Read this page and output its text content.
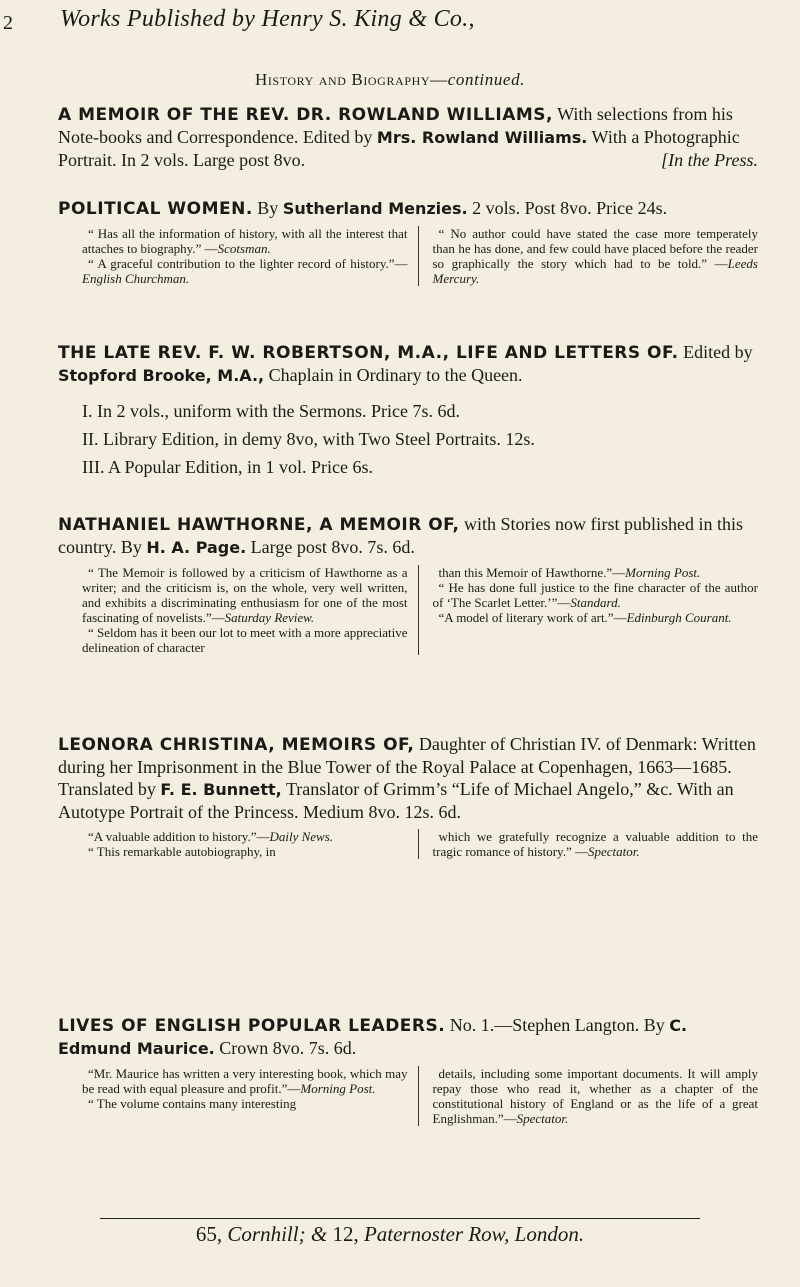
2 Works Published by Henry S. King & Co.,
History and Biography—continued.

A MEMOIR OF THE REV. DR. ROWLAND WILLIAMS, With selections from his Note-books and Correspondence. Edited by Mrs. Rowland Williams. With a Photographic Portrait. In 2 vols. Large post 8vo.	[In the Press.

POLITICAL WOMEN. By Sutherland Menzies. 2 vols. Post 8vo. Price 24s.

“ Has all the information of history, with all the interest that attaches to biography.” —Scotsman.

“ A graceful contribution to the lighter record of history.”—English Churchman.

“ No author could have stated the case more temperately than he has done, and few could have placed before the reader so graphically the story which had to be told.” —Leeds Mercury.

THE LATE REV. F. W. ROBERTSON, M.A., LIFE AND LETTERS OF. Edited by Stopford Brooke, M.A., Chaplain in Ordinary to the Queen.

I. In 2 vols., uniform with the Sermons. Price 7s. 6d.
II. Library Edition, in demy 8vo, with Two Steel Portraits. 12s.
III. A Popular Edition, in 1 vol. Price 6s.

NATHANIEL HAWTHORNE, A MEMOIR OF, with Stories now first published in this country. By H. A. Page. Large post 8vo. 7s. 6d.

“ The Memoir is followed by a criticism of Hawthorne as a writer; and the criticism is, on the whole, very well written, and exhibits a discriminating enthusiasm for one of the most fascinating of novelists.”—Saturday Review.

“ Seldom has it been our lot to meet with a more appreciative delineation of character

than this Memoir of Hawthorne.”—Morning Post.

“ He has done full justice to the fine character of the author of ‘The Scarlet Letter.’”—Standard.

“A model of literary work of art.”—Edinburgh Courant.

LEONORA CHRISTINA, MEMOIRS OF, Daughter of Christian IV. of Denmark: Written during her Imprisonment in the Blue Tower of the Royal Palace at Copenhagen, 1663—1685. Translated by F. E. Bunnett, Translator of Grimm’s “Life of Michael Angelo,” &c. With an Autotype Portrait of the Princess. Medium 8vo. 12s. 6d.

“A valuable addition to history.”—Daily News.

“ This remarkable autobiography, in

which we gratefully recognize a valuable addition to the tragic romance of history.” —Spectator.

LIVES OF ENGLISH POPULAR LEADERS. No. 1.—Stephen Langton. By C. Edmund Maurice. Crown 8vo. 7s. 6d.

“Mr. Maurice has written a very interesting book, which may be read with equal pleasure and profit.”—Morning Post.

“ The volume contains many interesting

details, including some important documents. It will amply repay those who read it, whether as a chapter of the constitutional history of England or as the life of a great Englishman.”—Spectator.

65, Cornhill; & 12, Paternoster Row, London.
